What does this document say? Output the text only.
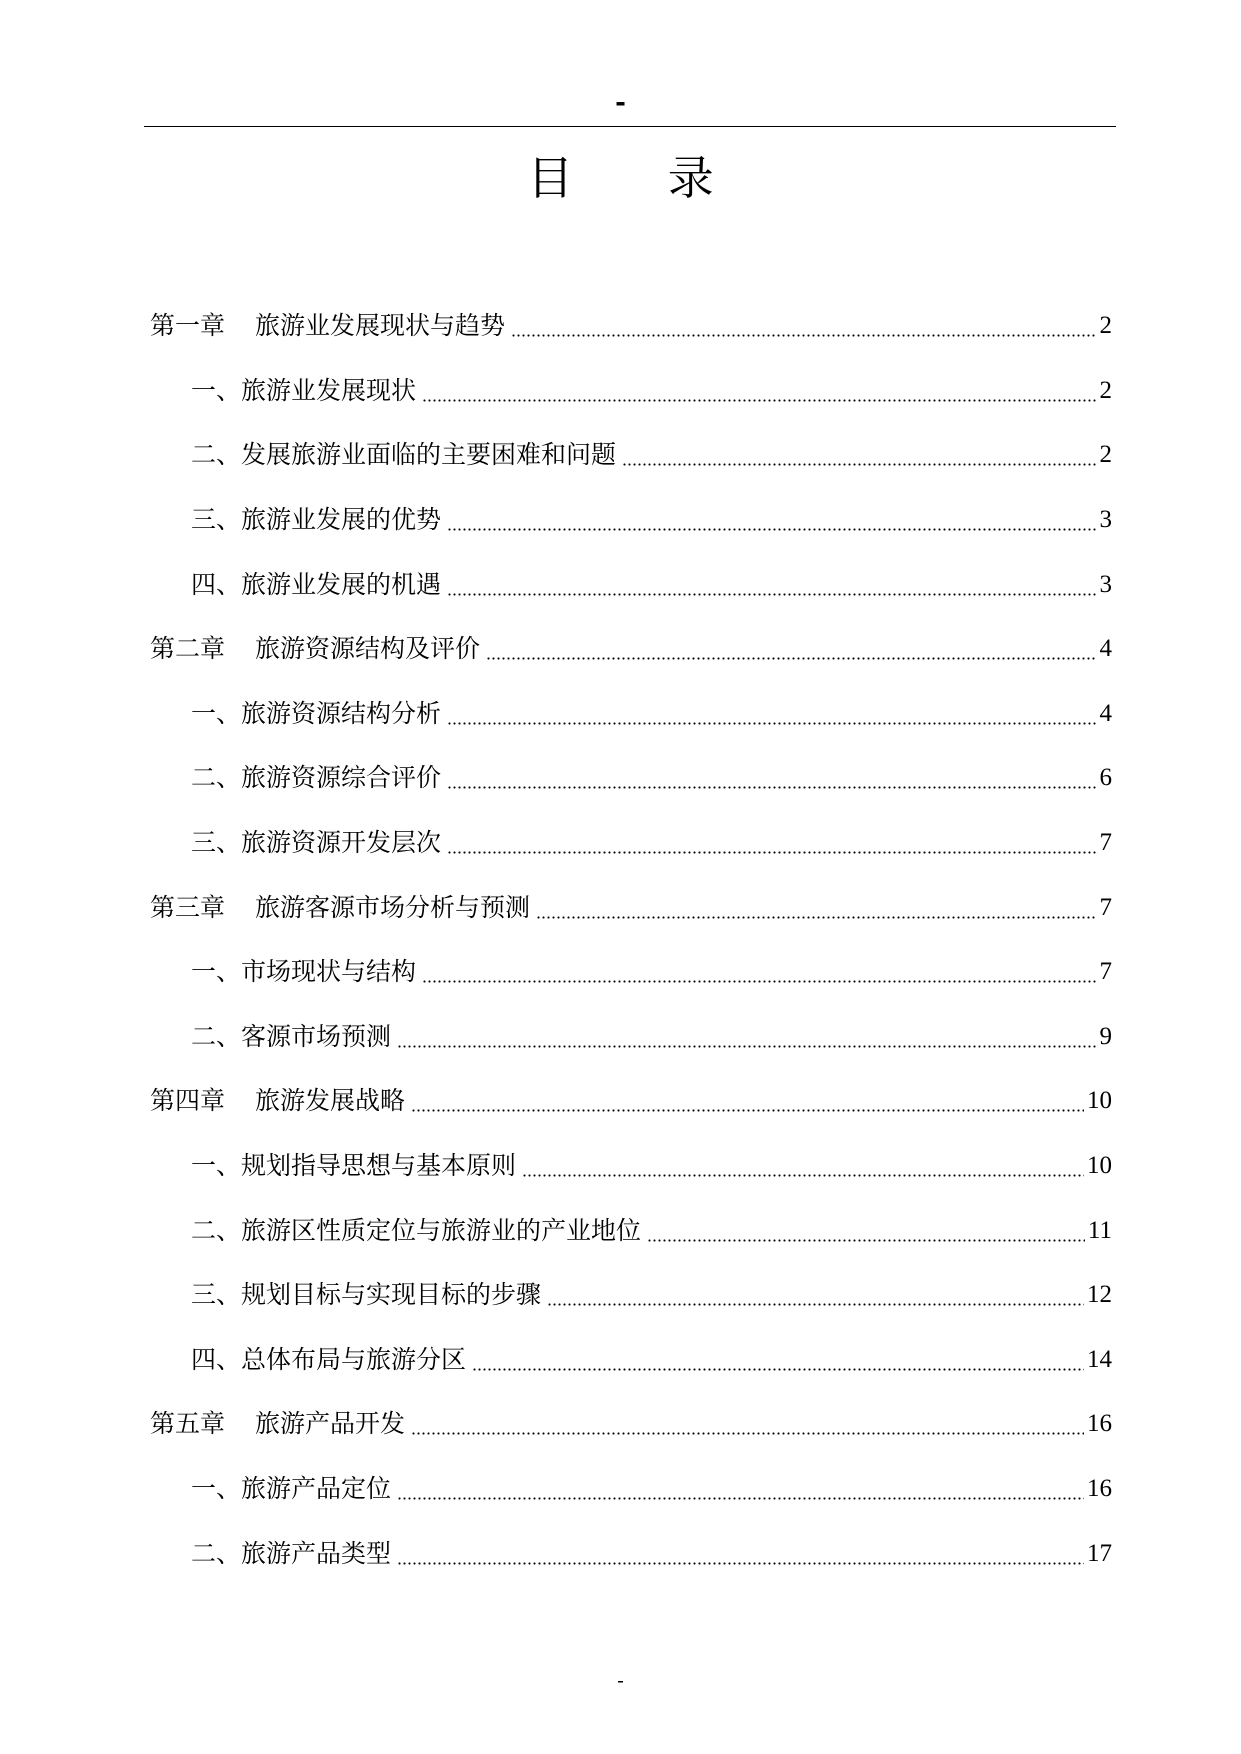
-
目 录
第一章 旅游业发展现状与趋势	2
一、 旅游业发展现状	2
二、 发展旅游业面临的主要困难和问题	2
三、 旅游业发展的优势	3
四、 旅游业发展的机遇	3
第二章 旅游资源结构及评价	4
一、 旅游资源结构分析	4
二、 旅游资源综合评价	6
三、 旅游资源开发层次	7
第三章 旅游客源市场分析与预测	7
一、 市场现状与结构	7
二、 客源市场预测	9
第四章 旅游发展战略	10
一、 规划指导思想与基本原则	10
二、 旅游区性质定位与旅游业的产业地位	11
三、 规划目标与实现目标的步骤	12
四、 总体布局与旅游分区	14
第五章 旅游产品开发	16
一、 旅游产品定位	16
二、 旅游产品类型	17
-
